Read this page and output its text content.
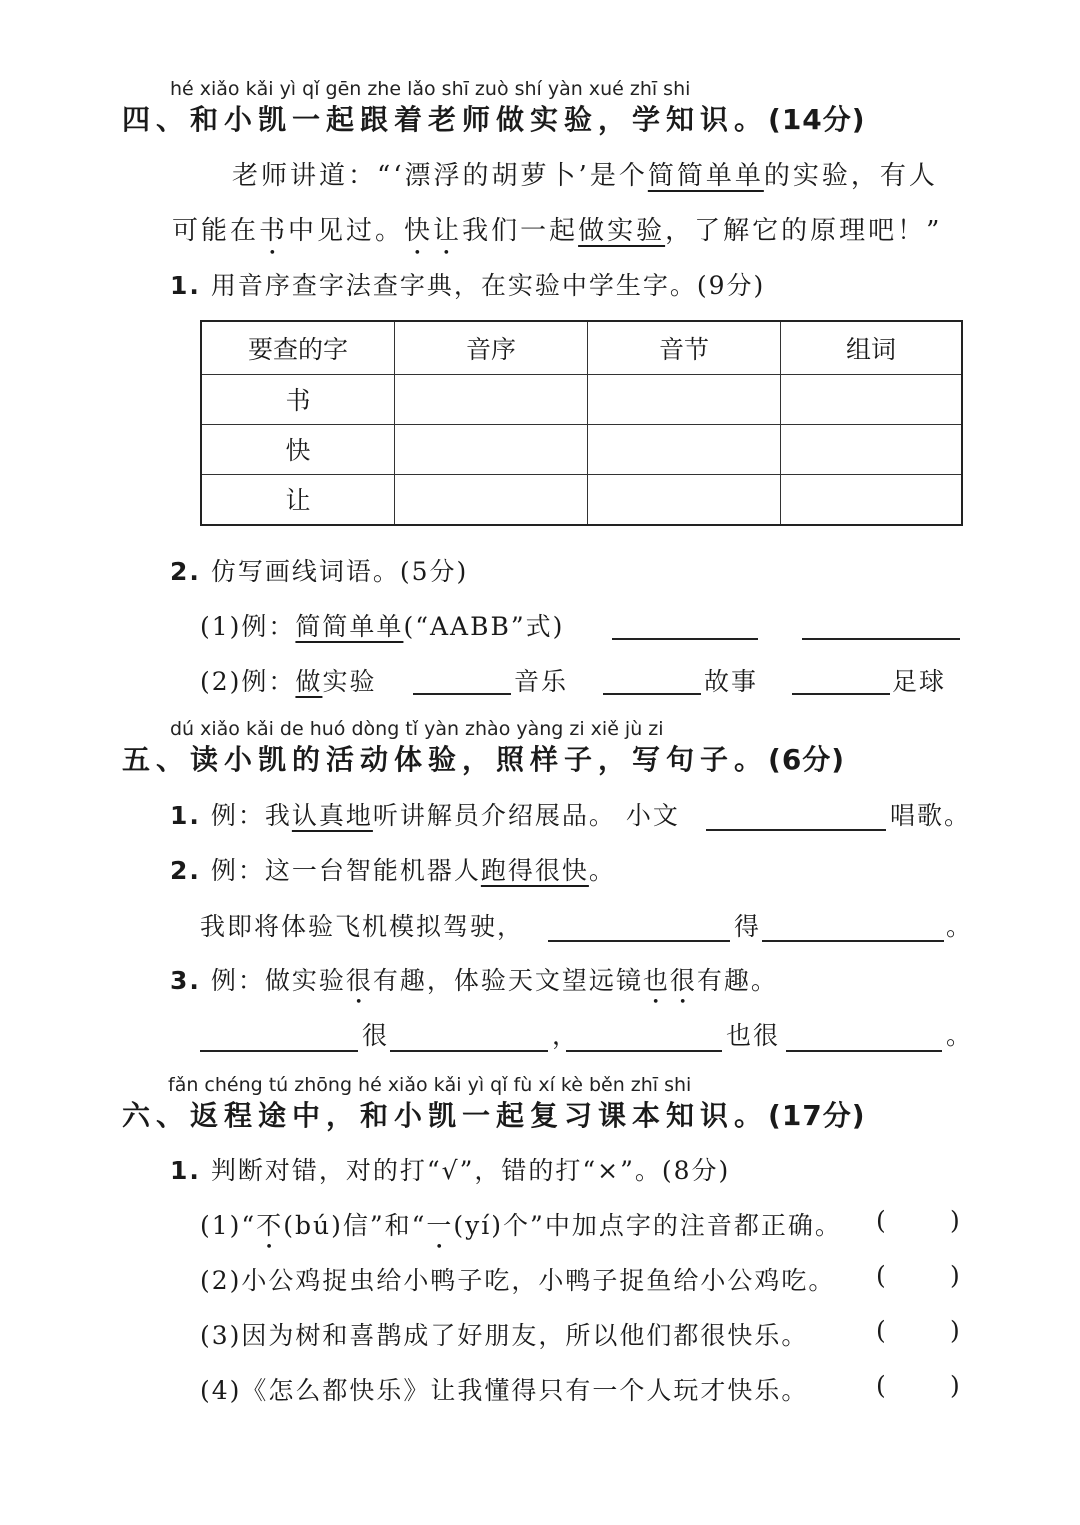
hé xiǎo kǎi yì qǐ gēn zhe lǎo shī zuò shí yàn xué zhī shi
四、和小凯一起跟着老师做实验，学知识。(14分)
老师讲道：“‘漂浮的胡萝卜’是个简简单单的实验，有人
可能在书中见过。快让我们一起做实验，了解它的原理吧！”
1. 用音序查字法查字典，在实验中学生字。(9分)
要查的字	音序	音节	组词
书			
快			
让			
2. 仿写画线词语。(5分)
(1)例：简简单单(“AABB”式)
(2)例：做实验	音乐	故事	足球
dú xiǎo kǎi de huó dòng tǐ yàn zhào yàng zi xiě jù zi
五、读小凯的活动体验，照样子，写句子。(6分)
1. 例：我认真地听讲解员介绍展品。 小文	唱歌。
2. 例：这一台智能机器人跑得很快。
我即将体验飞机模拟驾驶，	得	。
3. 例：做实验很有趣，体验天文望远镜也很有趣。
很	，	也很	。
fǎn chéng tú zhōng hé xiǎo kǎi yì qǐ fù xí kè běn zhī shi
六、返程途中，和小凯一起复习课本知识。(17分)
1. 判断对错，对的打“√”，错的打“×”。(8分)
(1)“不(bú)信”和“一(yí)个”中加点字的注音都正确。 (	)
(2)小公鸡捉虫给小鸭子吃，小鸭子捉鱼给小公鸡吃。 (	)
(3)因为树和喜鹊成了好朋友，所以他们都很快乐。	(	)
(4)《怎么都快乐》让我懂得只有一个人玩才快乐。	(	)
